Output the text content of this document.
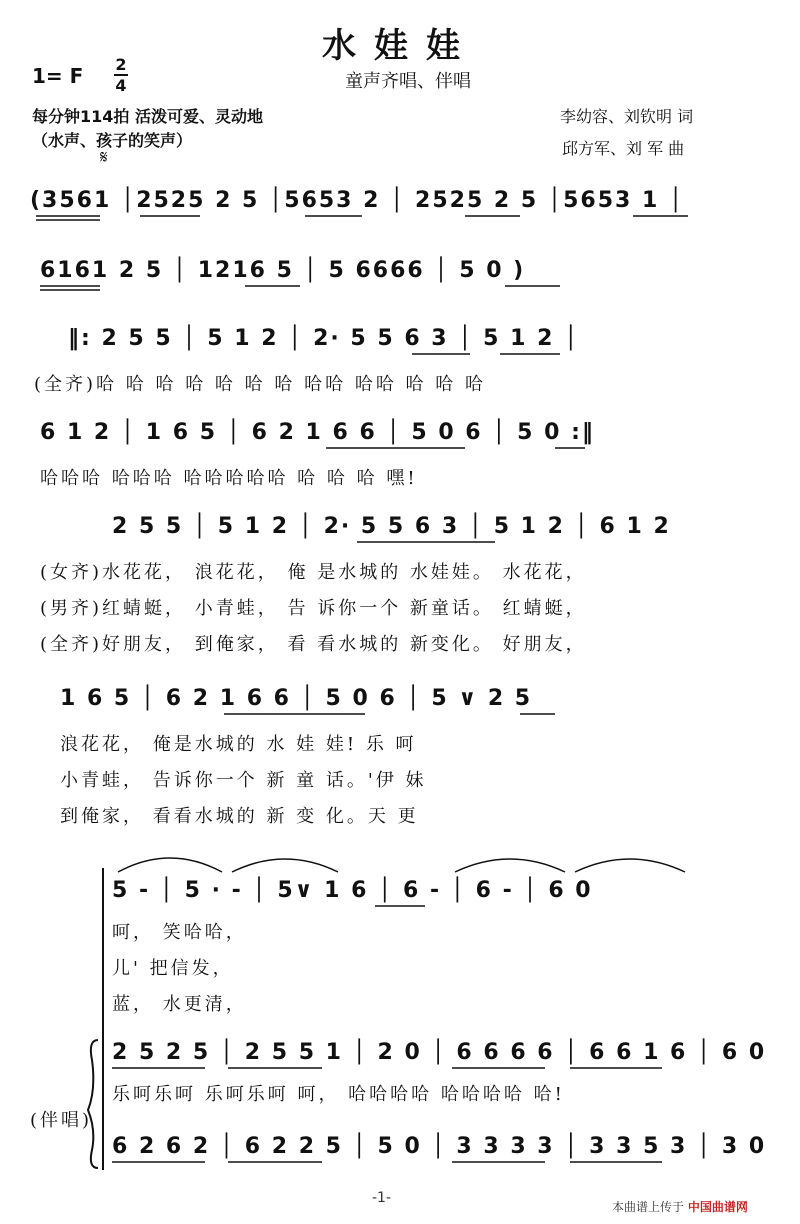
水娃娃
1= F 2
4	童声齐唱、伴唱
每分钟114拍 活泼可爱、灵动地
（水声、孩子的笑声）
李幼容、刘钦明 词
邱方军、刘 军 曲
𝄋
(3561 │2525 2 5 │5653 2 │ 2525 2 5 │5653 1 │
6161 2 5 │ 1216 5 │ 5 6666 │ 5 0 )
‖: 2 5 5 │ 5 1 2 │ 2· 5 5 6 3 │ 5 1 2 │
(全齐)哈 哈 哈 哈 哈 哈 哈 哈哈 哈哈 哈 哈 哈
6 1 2 │ 1 6 5 │ 6 2 1 6 6 │ 5 0 6 │ 5 0 :‖
哈哈哈 哈哈哈 哈哈哈哈哈 哈 哈 哈 嘿!
2 5 5 │ 5 1 2 │ 2· 5 5 6 3 │ 5 1 2 │ 6 1 2
(女齐)水花花， 浪花花， 俺 是水城的 水娃娃。 水花花，
(男齐)红蜻蜓， 小青蛙， 告 诉你一个 新童话。 红蜻蜓，
(全齐)好朋友， 到俺家， 看 看水城的 新变化。 好朋友，
1 6 5 │ 6 2 1 6 6 │ 5 0 6 │ 5 ∨ 2 5
浪花花， 俺是水城的 水 娃 娃! 乐 呵
小青蛙， 告诉你一个 新 童 话。'伊 妹
到俺家， 看看水城的 新 变 化。天 更
5 - │ 5 · - │ 5∨ 1 6 │ 6 - │ 6 - │ 6 0
呵， 笑哈哈，
儿' 把信发，
蓝， 水更清，
2 5 2 5 │ 2 5 5 1 │ 2 0 │ 6 6 6 6 │ 6 6 1 6 │ 6 0
乐呵乐呵 乐呵乐呵 呵， 哈哈哈哈 哈哈哈哈 哈!
6 2 6 2 │ 6 2 2 5 │ 5 0 │ 3 3 3 3 │ 3 3 5 3 │ 3 0
(伴唱)
-1-
本曲谱上传于 中国曲谱网
